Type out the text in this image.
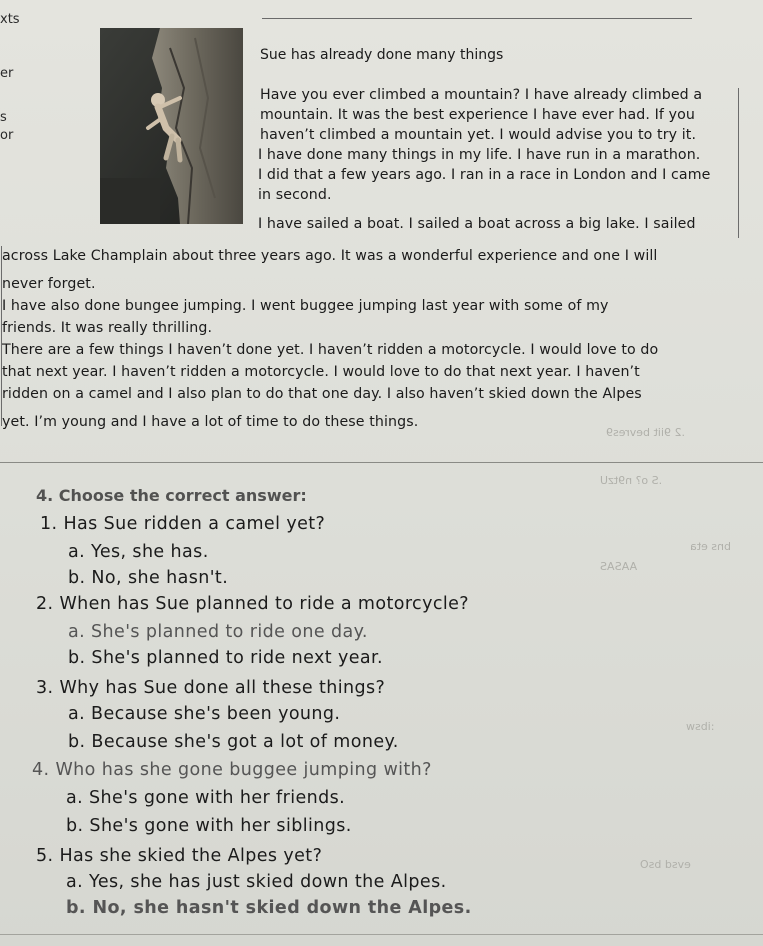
xts
er
s
or
Sue has already done many things
Have you ever climbed a mountain? I have already climbed a
mountain. It was the best experience I have ever had. If you
haven’t climbed a mountain yet. I would advise you to try it.
I have done many things in my life. I have run in a marathon.
I did that a few years ago. I ran in a race in London and I came
in second.
I have sailed a boat. I sailed a boat across a big lake. I sailed
across Lake Champlain about three years ago. It was a wonderful experience and one I will
never forget.
I have also done bungee jumping. I went buggee jumping last year with some of my
friends. It was really thrilling.
There are a few things I haven’t done yet. I haven’t ridden a motorcycle. I would love to do
that next year. I haven’t ridden a motorcycle. I would love to do that next year. I haven’t
ridden on a camel and I also plan to do that one day. I also haven’t skied down the Alpes
yet. I’m young and I have a lot of time to do these things.
.2 9iit bevres9
.S o? n9tzU
bns eta
AASAS
:ibsw
evsd bsO
4. Choose the correct answer:
1. Has Sue ridden a camel yet?
a. Yes, she has.
b. No, she hasn't.
2. When has Sue planned to ride a motorcycle?
a. She's planned to ride one day.
b. She's planned to ride next year.
3. Why has Sue done all these things?
a. Because she's been young.
b. Because she's got a lot of money.
4. Who has she gone buggee jumping with?
a. She's gone with her friends.
b. She's gone with her siblings.
5. Has she skied the Alpes yet?
a. Yes, she has just skied down the Alpes.
b. No, she hasn't skied down the Alpes.
